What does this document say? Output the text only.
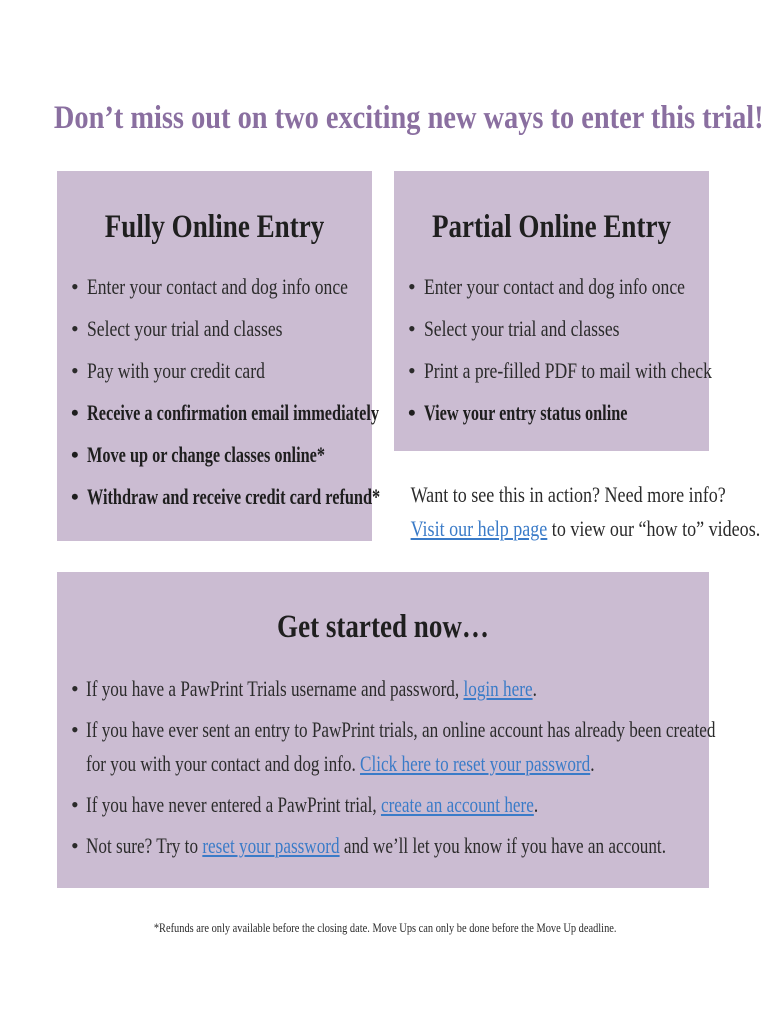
Don’t miss out on two exciting new ways to enter this trial!
Fully Online Entry
• Enter your contact and dog info once
• Select your trial and classes
• Pay with your credit card
• Receive a confirmation email immediately
• Move up or change classes online*
• Withdraw and receive credit card refund*
Partial Online Entry
• Enter your contact and dog info once
• Select your trial and classes
• Print a pre-filled PDF to mail with check
• View your entry status online
Want to see this in action? Need more info?
Visit our help page to view our “how to” videos.
Get started now…
• If you have a PawPrint Trials username and password, login here.
• If you have ever sent an entry to PawPrint trials, an online account has already been created
for you with your contact and dog info. Click here to reset your password.
• If you have never entered a PawPrint trial, create an account here.
• Not sure? Try to reset your password and we’ll let you know if you have an account.
*Refunds are only available before the closing date. Move Ups can only be done before the Move Up deadline.
